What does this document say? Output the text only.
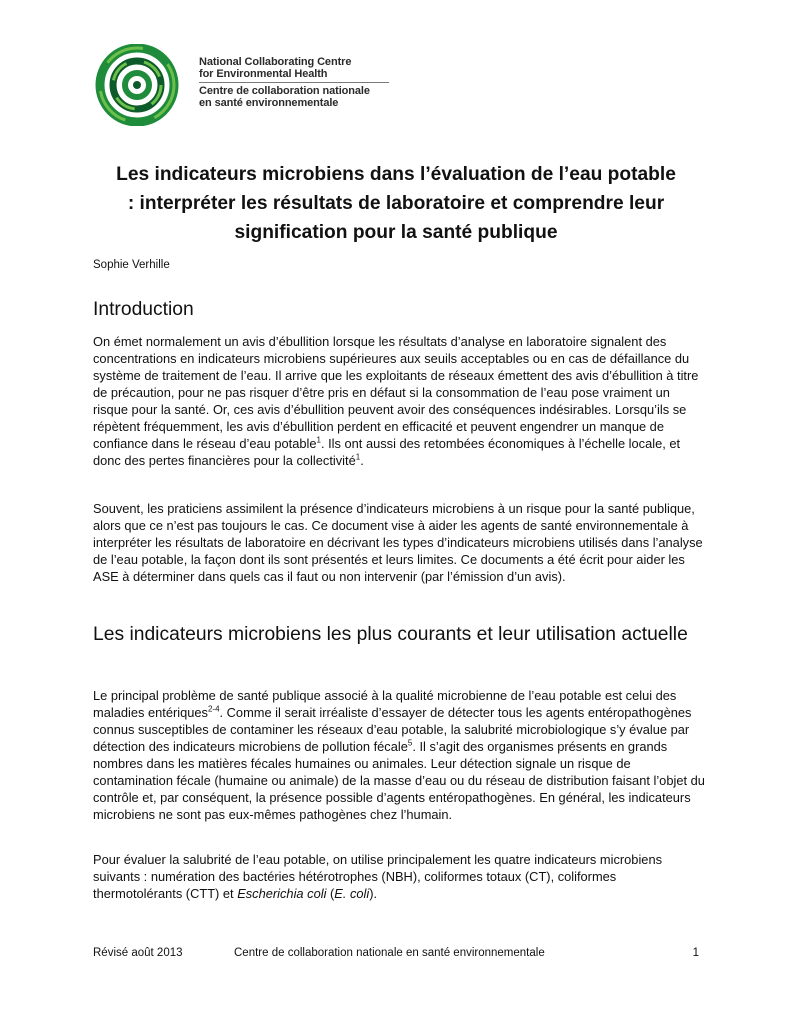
National Collaborating Centre
for Environmental Health
Centre de collaboration nationale
en santé environnementale
Les indicateurs microbiens dans l’évaluation de l’eau potable : interpréter les résultats de laboratoire et comprendre leur signification pour la santé publique

Sophie Verhille

Introduction

On émet normalement un avis d’ébullition lorsque les résultats d’analyse en laboratoire signalent des concentrations en indicateurs microbiens supérieures aux seuils acceptables ou en cas de défaillance du système de traitement de l’eau. Il arrive que les exploitants de réseaux émettent des avis d’ébullition à titre de précaution, pour ne pas risquer d’être pris en défaut si la consommation de l’eau pose vraiment un risque pour la santé. Or, ces avis d’ébullition peuvent avoir des conséquences indésirables. Lorsqu’ils se répètent fréquemment, les avis d’ébullition perdent en efficacité et peuvent engendrer un manque de confiance dans le réseau d’eau potable$^1$. Ils ont aussi des retombées économiques à l’échelle locale, et donc des pertes financières pour la collectivité$^1$.

Souvent, les praticiens assimilent la présence d’indicateurs microbiens à un risque pour la santé publique, alors que ce n’est pas toujours le cas. Ce document vise à aider les agents de santé environnementale à interpréter les résultats de laboratoire en décrivant les types d’indicateurs microbiens utilisés dans l’analyse de l’eau potable, la façon dont ils sont présentés et leurs limites. Ce documents a été écrit pour aider les ASE à déterminer dans quels cas il faut ou non intervenir (par l’émission d’un avis).

Les indicateurs microbiens les plus courants et leur utilisation actuelle

Le principal problème de santé publique associé à la qualité microbienne de l’eau potable est celui des maladies entériques$^{2-4}$. Comme il serait irréaliste d’essayer de détecter tous les agents entéropathogènes connus susceptibles de contaminer les réseaux d’eau potable, la salubrité microbiologique s’y évalue par détection des indicateurs microbiens de pollution fécale$^5$. Il s’agit des organismes présents en grands nombres dans les matières fécales humaines ou animales. Leur détection signale un risque de contamination fécale (humaine ou animale) de la masse d’eau ou du réseau de distribution faisant l’objet du contrôle et, par conséquent, la présence possible d’agents entéropathogènes. En général, les indicateurs microbiens ne sont pas eux-mêmes pathogènes chez l’humain.

Pour évaluer la salubrité de l’eau potable, on utilise principalement les quatre indicateurs microbiens suivants : numération des bactéries hétérotrophes (NBH), coliformes totaux (CT), coliformes thermotolérants (CTT) et Escherichia coli (E. coli).

Révisé août 2013	Centre de collaboration nationale en santé environnementale	1
